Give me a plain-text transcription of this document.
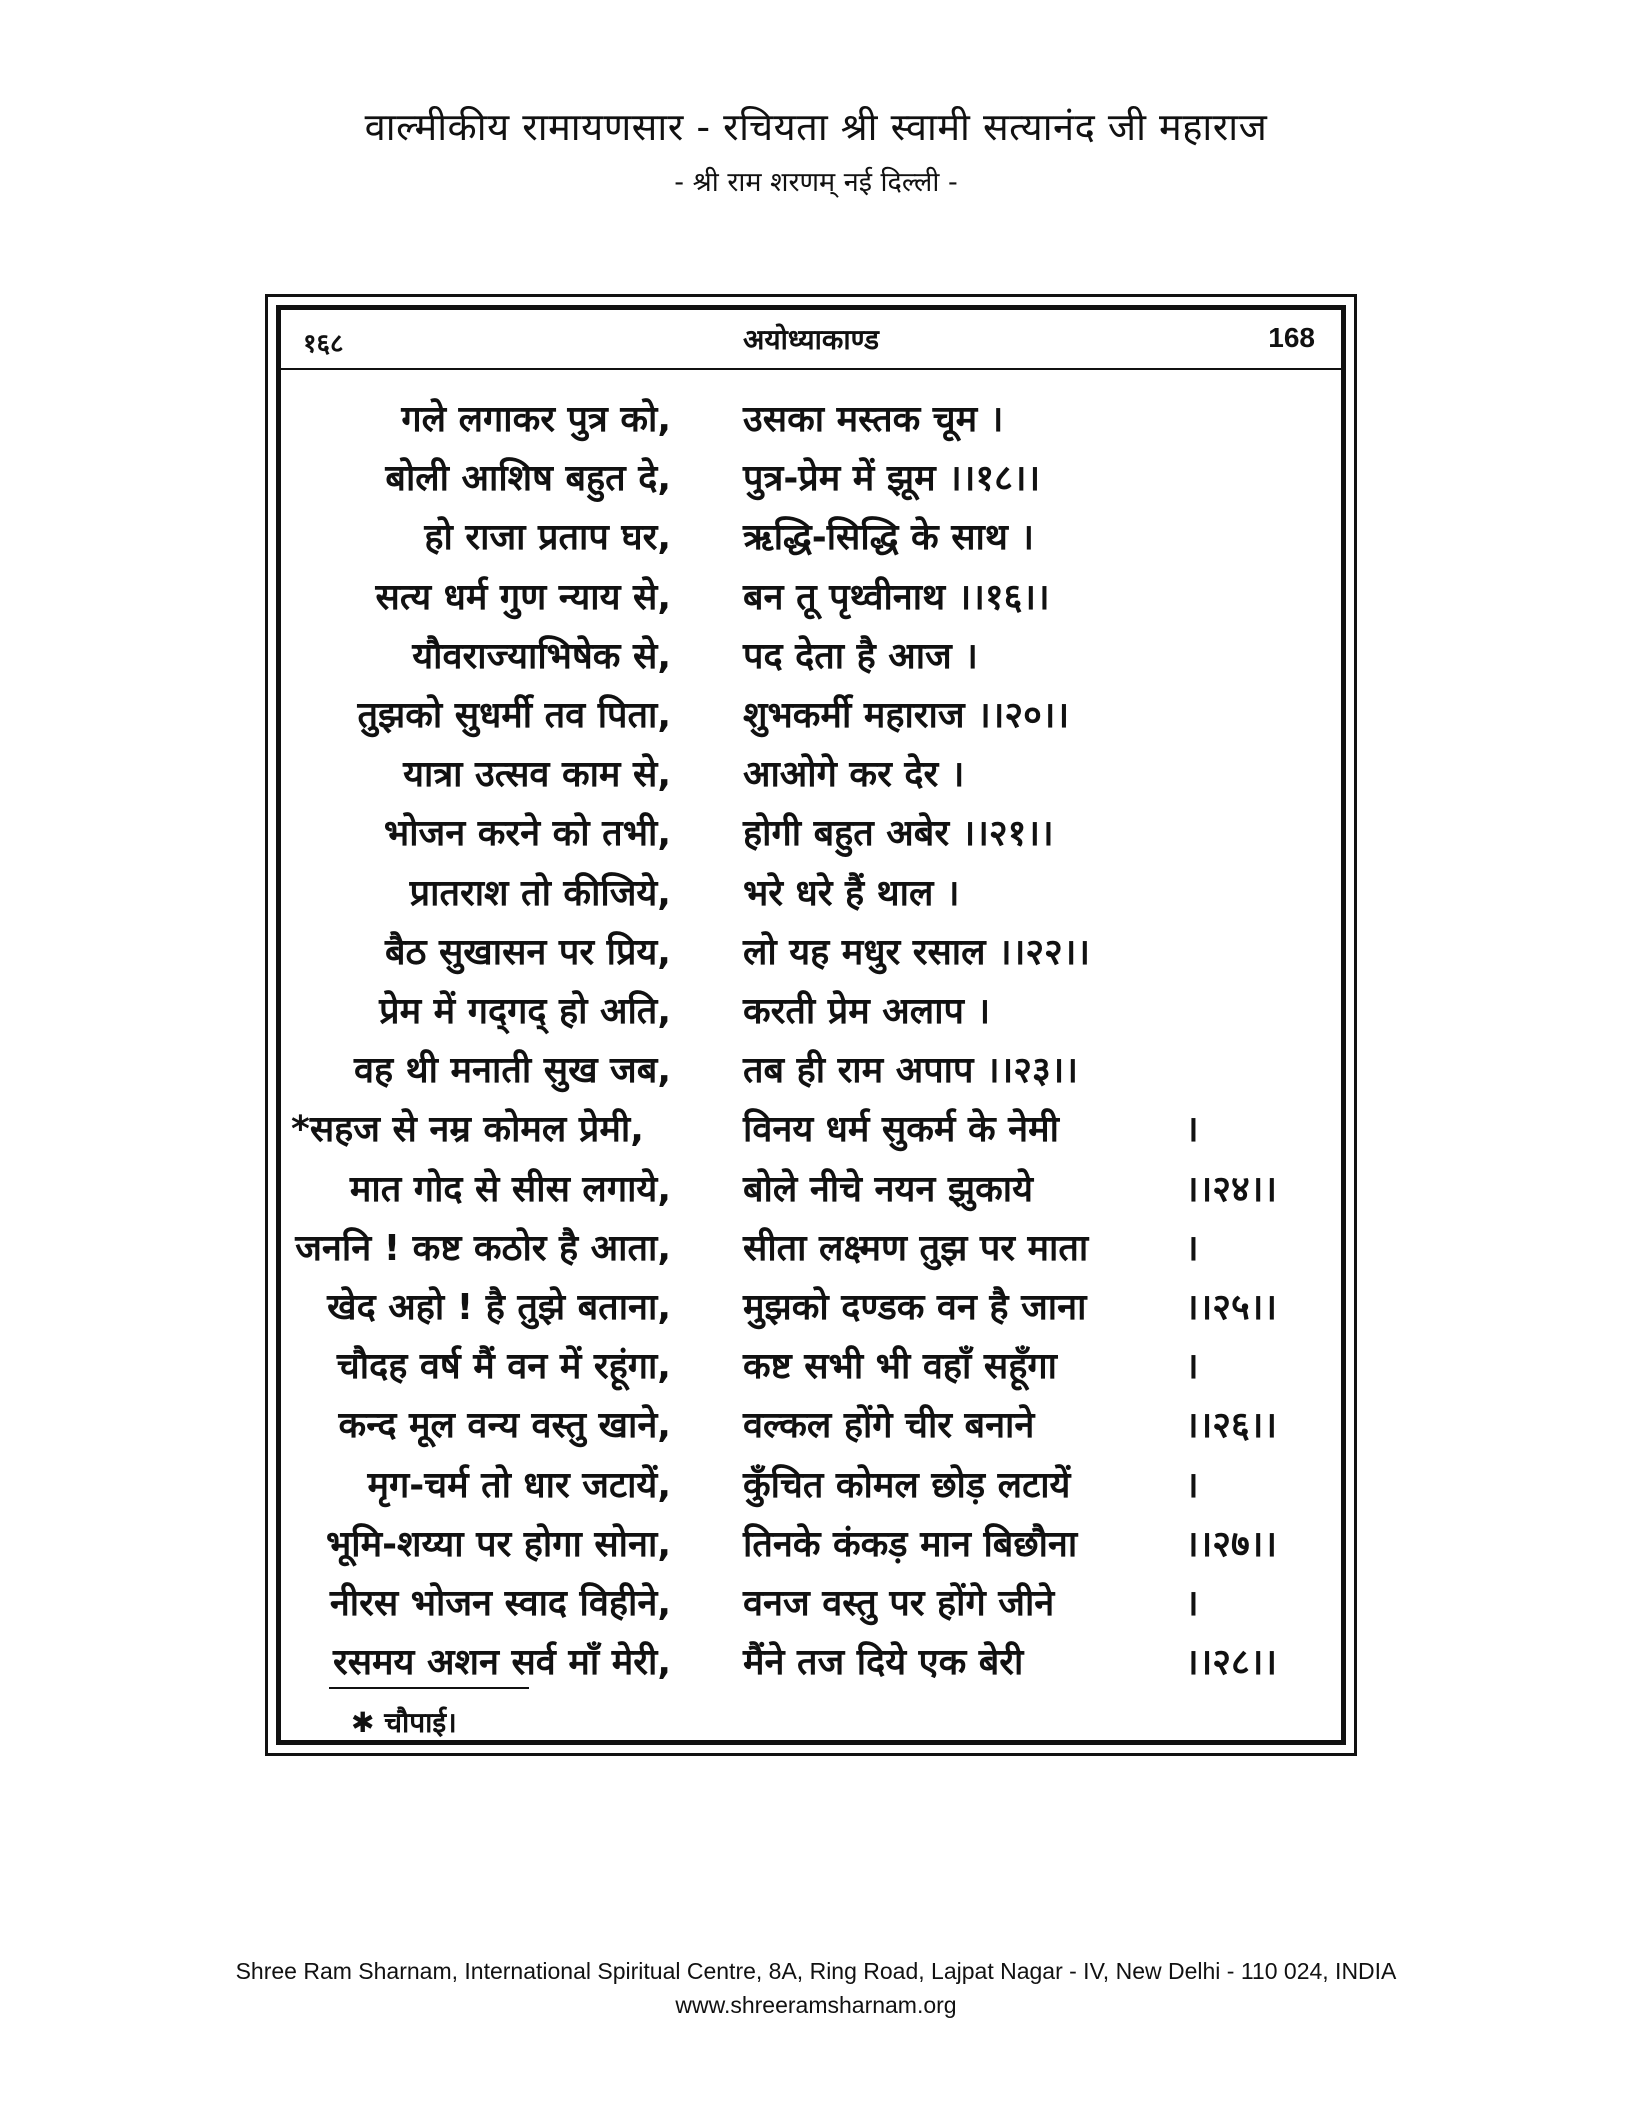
वाल्मीकीय रामायणसार - रचियता श्री स्वामी सत्यानंद जी महाराज
- श्री राम शरणम् नई दिल्ली -
१६८	अयोध्याकाण्ड	168
गले लगाकर पुत्र को, उसका मस्तक चूम ।
बोली आशिष बहुत दे, पुत्र-प्रेम में झूम ।।१८।।
हो राजा प्रताप घर, ऋद्धि-सिद्धि के साथ ।
सत्य धर्म गुण न्याय से, बन तू पृथ्वीनाथ ।।१६।।
यौवराज्याभिषेक से, पद देता है आज ।
तुझको सुधर्मी तव पिता, शुभकर्मी महाराज ।।२०।।
यात्रा उत्सव काम से, आओगे कर देर ।
भोजन करने को तभी, होगी बहुत अबेर ।।२१।।
प्रातराश तो कीजिये, भरे धरे हैं थाल ।
बैठ सुखासन पर प्रिय, लो यह मधुर रसाल ।।२२।।
प्रेम में गद्‌गद् हो अति, करती प्रेम अलाप ।
वह थी मनाती सुख जब, तब ही राम अपाप ।।२३।।
*सहज से नम्र कोमल प्रेमी,	विनय धर्म सुकर्म के नेमी	।
मात गोद से सीस लगाये, बोले नीचे नयन झुकाये	।।२४।।
जननि ! कष्ट कठोर है आता, सीता लक्ष्मण तुझ पर माता	।
खेद अहो ! है तुझे बताना, मुझको दण्डक वन है जाना	।।२५।।
चौदह वर्ष मैं वन में रहूंगा, कष्ट सभी भी वहाँ सहूँगा	।
कन्द मूल वन्य वस्तु खाने, वल्कल होंगे चीर बनाने	।।२६।।
मृग-चर्म तो धार जटायें, कुँचित कोमल छोड़ लटायें	।
भूमि-शय्या पर होगा सोना, तिनके कंकड़ मान बिछौना	।।२७।।
नीरस भोजन स्वाद विहीने, वनज वस्तु पर होंगे जीने	।
रसमय अशन सर्व माँ मेरी, मैंने तज दिये एक बेरी	।।२८।।
✱ चौपाई।
Shree Ram Sharnam, International Spiritual Centre, 8A, Ring Road, Lajpat Nagar - IV, New Delhi - 110 024, INDIA
www.shreeramsharnam.org
